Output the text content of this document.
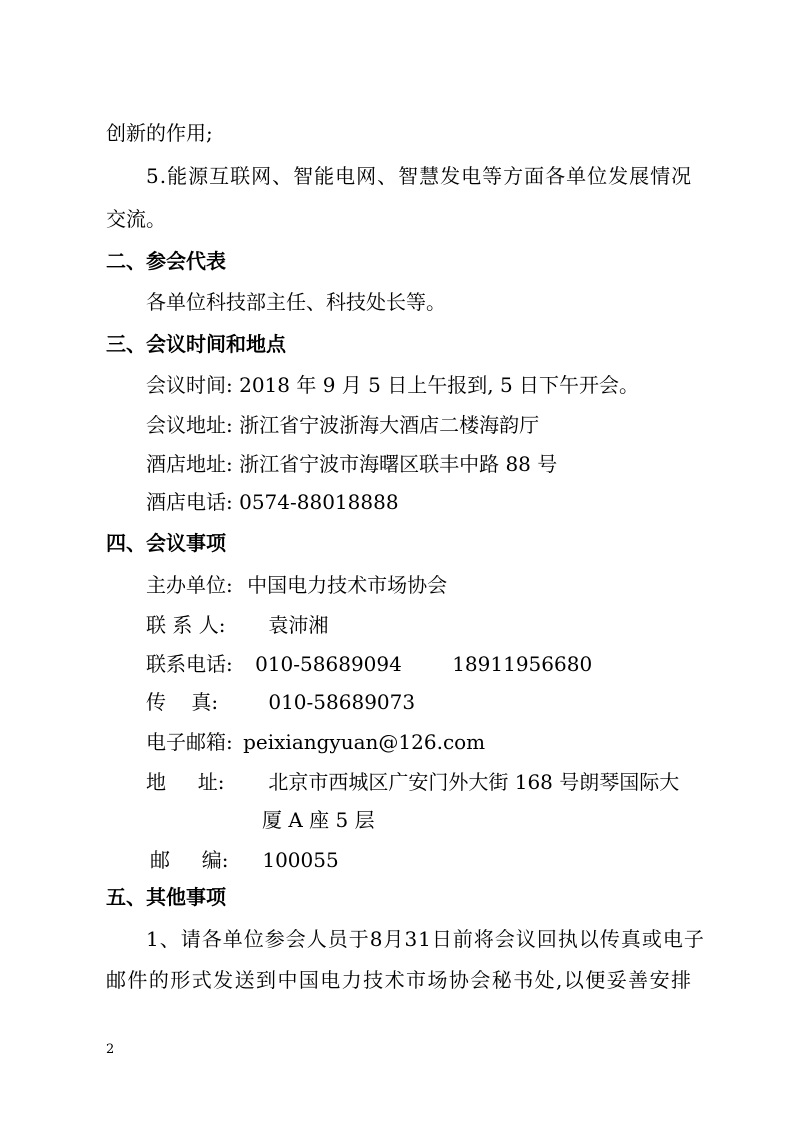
创新的作用;
5.能源互联网、智能电网、智慧发电等方面各单位发展情况
交流。
二、参会代表
各单位科技部主任、科技处长等。
三、会议时间和地点
会议时间: 2018 年 9 月 5 日上午报到, 5 日下午开会。
会议地址: 浙江省宁波浙海大酒店二楼海韵厅
酒店地址: 浙江省宁波市海曙区联丰中路 88 号
酒店电话: 0574-88018888
四、会议事项
主办单位: 中国电力技术市场协会
联 系 人: 袁沛湘
联系电话: 010-58689094	18911956680
传    真:	010-58689073
电子邮箱: peixiangyuan@126.com
地     址: 北京市西城区广安门外大街 168 号朗琴国际大
厦 A 座 5 层
邮     编: 100055
五、其他事项
1、请各单位参会人员于8月31日前将会议回执以传真或电子
邮件的形式发送到中国电力技术市场协会秘书处,以便妥善安排
2
